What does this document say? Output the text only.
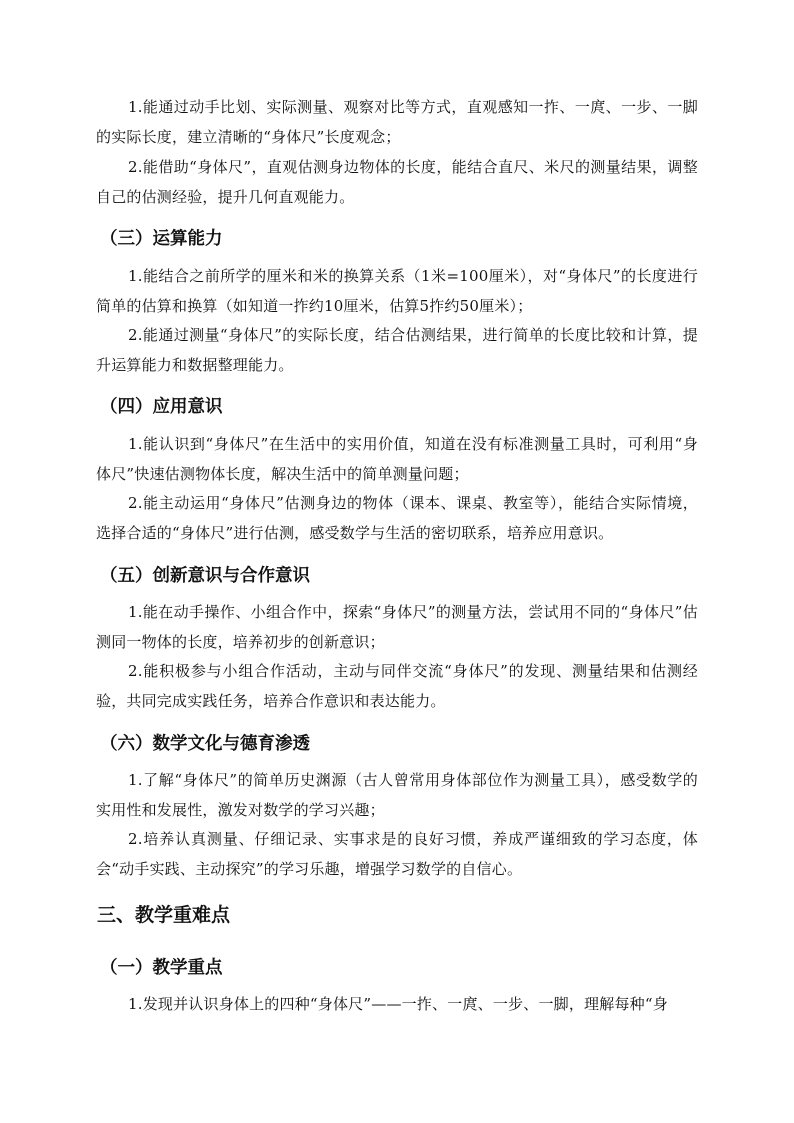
1.能通过动手比划、实际测量、观察对比等方式，直观感知一拃、一庹、一步、一脚的实际长度，建立清晰的“身体尺”长度观念；

2.能借助“身体尺”，直观估测身边物体的长度，能结合直尺、米尺的测量结果，调整自己的估测经验，提升几何直观能力。

（三）运算能力

1.能结合之前所学的厘米和米的换算关系（1米=100厘米），对“身体尺”的长度进行简单的估算和换算（如知道一拃约10厘米，估算5拃约50厘米）；

2.能通过测量“身体尺”的实际长度，结合估测结果，进行简单的长度比较和计算，提升运算能力和数据整理能力。

（四）应用意识

1.能认识到“身体尺”在生活中的实用价值，知道在没有标准测量工具时，可利用“身体尺”快速估测物体长度，解决生活中的简单测量问题；

2.能主动运用“身体尺”估测身边的物体（课本、课桌、教室等），能结合实际情境，选择合适的“身体尺”进行估测，感受数学与生活的密切联系，培养应用意识。

（五）创新意识与合作意识

1.能在动手操作、小组合作中，探索“身体尺”的测量方法，尝试用不同的“身体尺”估测同一物体的长度，培养初步的创新意识；

2.能积极参与小组合作活动，主动与同伴交流“身体尺”的发现、测量结果和估测经验，共同完成实践任务，培养合作意识和表达能力。

（六）数学文化与德育渗透

1.了解“身体尺”的简单历史渊源（古人曾常用身体部位作为测量工具），感受数学的实用性和发展性，激发对数学的学习兴趣；

2.培养认真测量、仔细记录、实事求是的良好习惯，养成严谨细致的学习态度，体会“动手实践、主动探究”的学习乐趣，增强学习数学的自信心。

三、教学重难点
（一）教学重点

1.发现并认识身体上的四种“身体尺”——一拃、一庹、一步、一脚，理解每种“身
